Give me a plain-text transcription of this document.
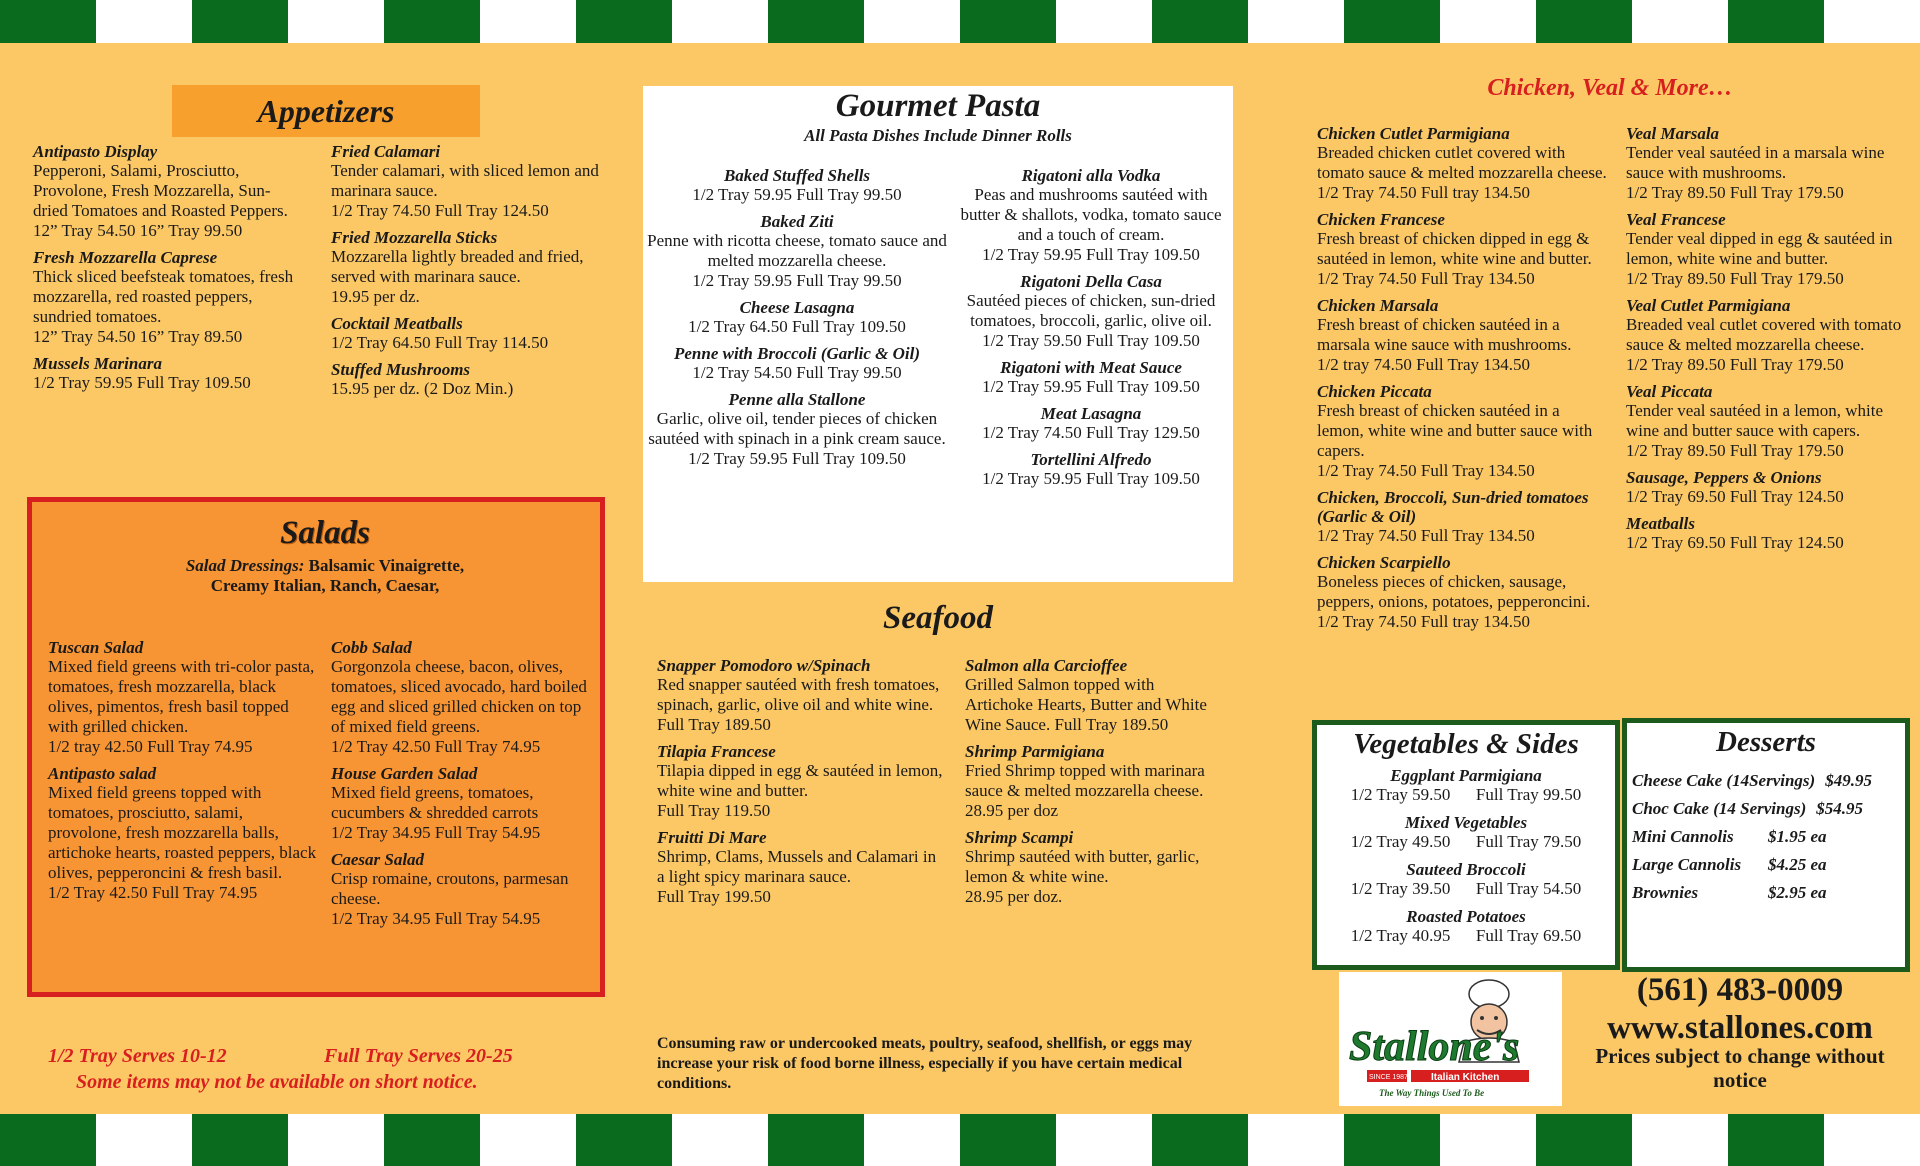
Appetizers
Antipasto Display
Pepperoni, Salami, Prosciutto, Provolone, Fresh Mozzarella, Sun-dried Tomatoes and Roasted Peppers.
12” Tray 54.50 16” Tray 99.50
Fresh Mozzarella Caprese
Thick sliced beefsteak tomatoes, fresh mozzarella, red roasted peppers, sundried tomatoes.
12” Tray 54.50 16” Tray 89.50
Mussels Marinara
1/2 Tray 59.95 Full Tray 109.50
Fried Calamari
Tender calamari, with sliced lemon and marinara sauce.
1/2 Tray 74.50 Full Tray 124.50
Fried Mozzarella Sticks
Mozzarella lightly breaded and fried, served with marinara sauce.
19.95 per dz.
Cocktail Meatballs
1/2 Tray 64.50 Full Tray 114.50
Stuffed Mushrooms
15.95 per dz. (2 Doz Min.)
Gourmet Pasta
All Pasta Dishes Include Dinner Rolls
Baked Stuffed Shells
1/2 Tray 59.95 Full Tray 99.50
Baked Ziti
Penne with ricotta cheese, tomato sauce and melted mozzarella cheese.
1/2 Tray 59.95 Full Tray 99.50
Cheese Lasagna
1/2 Tray 64.50 Full Tray 109.50
Penne with Broccoli (Garlic & Oil)
1/2 Tray 54.50 Full Tray 99.50
Penne alla Stallone
Garlic, olive oil, tender pieces of chicken sautéed with spinach in a pink cream sauce.
1/2 Tray 59.95 Full Tray 109.50
Rigatoni alla Vodka
Peas and mushrooms sautéed with butter & shallots, vodka, tomato sauce and a touch of cream.
1/2 Tray 59.95 Full Tray 109.50
Rigatoni Della Casa
Sautéed pieces of chicken, sun-dried tomatoes, broccoli, garlic, olive oil.
1/2 Tray 59.50 Full Tray 109.50
Rigatoni with Meat Sauce
1/2 Tray 59.95 Full Tray 109.50
Meat Lasagna
1/2 Tray 74.50 Full Tray 129.50
Tortellini Alfredo
1/2 Tray 59.95 Full Tray 109.50
Salads
Salad Dressings: Balsamic Vinaigrette,
Creamy Italian, Ranch, Caesar,
Tuscan Salad
Mixed field greens with tri-color pasta, tomatoes, fresh mozzarella, black olives, pimentos, fresh basil topped with grilled chicken.
1/2 tray 42.50 Full Tray 74.95
Antipasto salad
Mixed field greens topped with tomatoes, prosciutto, salami, provolone, fresh mozzarella balls, artichoke hearts, roasted peppers, black olives, pepperoncini & fresh basil.
1/2 Tray 42.50 Full Tray 74.95
Cobb Salad
Gorgonzola cheese, bacon, olives, tomatoes, sliced avocado, hard boiled egg and sliced grilled chicken on top of mixed field greens.
1/2 Tray 42.50 Full Tray 74.95
House Garden Salad
Mixed field greens, tomatoes, cucumbers & shredded carrots
1/2 Tray 34.95 Full Tray 54.95
Caesar Salad
Crisp romaine, croutons, parmesan cheese.
1/2 Tray 34.95 Full Tray 54.95
1/2 Tray Serves 10-12	Full Tray Serves 20-25
Some items may not be available on short notice.
Seafood
Snapper Pomodoro w/Spinach
Red snapper sautéed with fresh tomatoes, spinach, garlic, olive oil and white wine.
Full Tray 189.50
Tilapia Francese
Tilapia dipped in egg & sautéed in lemon, white wine and butter.
Full Tray 119.50
Fruitti Di Mare
Shrimp, Clams, Mussels and Calamari in a light spicy marinara sauce.
Full Tray 199.50
Salmon alla Carcioffee
Grilled Salmon topped with Artichoke Hearts, Butter and White Wine Sauce. Full Tray 189.50
Shrimp Parmigiana
Fried Shrimp topped with marinara sauce & melted mozzarella cheese.
28.95 per doz
Shrimp Scampi
Shrimp sautéed with butter, garlic, lemon & white wine.
28.95 per doz.
Consuming raw or undercooked meats, poultry, seafood, shellfish, or eggs may increase your risk of food borne illness, especially if you have certain medical conditions.
Chicken, Veal & More…
Chicken Cutlet Parmigiana
Breaded chicken cutlet covered with tomato sauce & melted mozzarella cheese.
1/2 Tray 74.50 Full tray 134.50
Chicken Francese
Fresh breast of chicken dipped in egg & sautéed in lemon, white wine and butter.
1/2 Tray 74.50 Full Tray 134.50
Chicken Marsala
Fresh breast of chicken sautéed in a marsala wine sauce with mushrooms.
1/2 tray 74.50 Full Tray 134.50
Chicken Piccata
Fresh breast of chicken sautéed in a lemon, white wine and butter sauce with capers.
1/2 Tray 74.50 Full Tray 134.50
Chicken, Broccoli, Sun-dried tomatoes (Garlic & Oil)
1/2 Tray 74.50 Full Tray 134.50
Chicken Scarpiello
Boneless pieces of chicken, sausage, peppers, onions, potatoes, pepperoncini.
1/2 Tray 74.50 Full tray 134.50
Veal Marsala
Tender veal sautéed in a marsala wine sauce with mushrooms.
1/2 Tray 89.50 Full Tray 179.50
Veal Francese
Tender veal dipped in egg & sautéed in lemon, white wine and butter.
1/2 Tray 89.50 Full Tray 179.50
Veal Cutlet Parmigiana
Breaded veal cutlet covered with tomato sauce & melted mozzarella cheese.
1/2 Tray 89.50 Full Tray 179.50
Veal Piccata
Tender veal sautéed in a lemon, white wine and butter sauce with capers.
1/2 Tray 89.50 Full Tray 179.50
Sausage, Peppers & Onions
1/2 Tray 69.50 Full Tray 124.50
Meatballs
1/2 Tray 69.50 Full Tray 124.50
Vegetables & Sides
Eggplant Parmigiana
1/2 Tray 59.50      Full Tray 99.50
Mixed Vegetables
1/2 Tray 49.50      Full Tray 79.50
Sauteed Broccoli
1/2 Tray 39.50      Full Tray 54.50
Roasted Potatoes
1/2 Tray 40.95      Full Tray 69.50
Desserts
Cheese Cake (14Servings) $49.95
Choc Cake (14 Servings) $54.95
Mini Cannolis	$1.95 ea
Large Cannolis	$4.25 ea
Brownies	$2.95 ea
Stallone's
SINCE 1987 Italian Kitchen
The Way Things Used To Be
(561) 483-0009
www.stallones.com
Prices subject to change without notice
